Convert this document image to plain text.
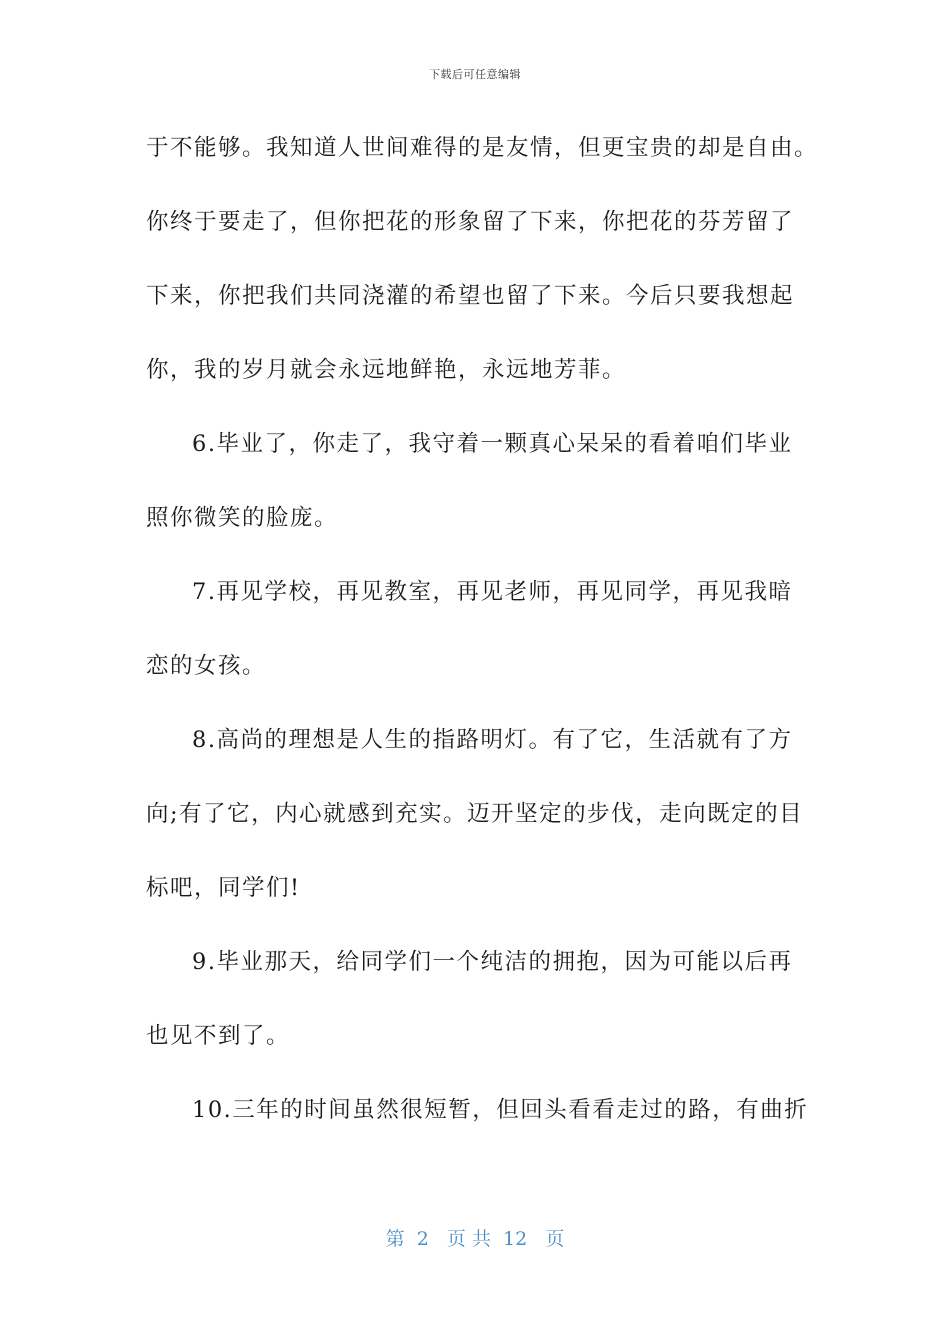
下载后可任意编辑
于不能够。我知道人世间难得的是友情，但更宝贵的却是自由。
你终于要走了，但你把花的形象留了下来，你把花的芬芳留了
下来，你把我们共同浇灌的希望也留了下来。今后只要我想起
你，我的岁月就会永远地鲜艳，永远地芳菲。
6.毕业了，你走了，我守着一颗真心呆呆的看着咱们毕业
照你微笑的脸庞。
7.再见学校，再见教室，再见老师，再见同学，再见我暗
恋的女孩。
8.高尚的理想是人生的指路明灯。有了它，生活就有了方
向;有了它，内心就感到充实。迈开坚定的步伐，走向既定的目
标吧，同学们!
9.毕业那天，给同学们一个纯洁的拥抱，因为可能以后再
也见不到了。
10.三年的时间虽然很短暂，但回头看看走过的路，有曲折
第  2   页 共  12   页
